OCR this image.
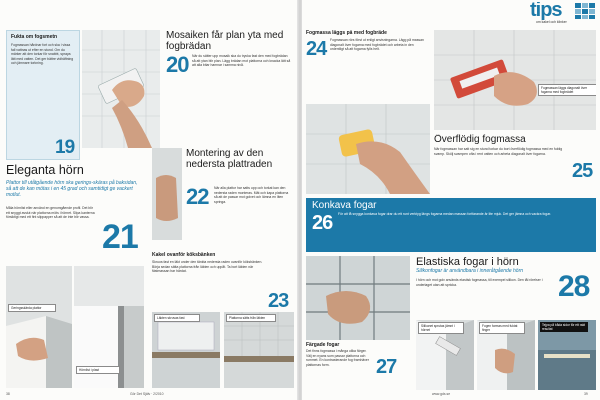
Fukta om fogsmetn
Fogmassan hårdnar fort och ska i vissa fall vattnas ut efter en stund. Om du märker att den torkar för snabbt, spraya lätt med vatten. Det ger bättre vidhäftning och jämnare torkning.
19
Mosaiken får plan yta med fogbrädan
20 När du sätter upp mosaik ska du trycka fast den med fogbrädan så att ytan blir plan. Lägg brädan mot plattorna och knacka lätt så att alla bitar hamnar i samma nivå.
Eleganta hörn
Plattor till utåtgående hörn ska gerings-skäras på baksidan, så att de kan mötas i en 45 grad och samtidigt ge vackert motlut.
Måla hörnlist eller använd en genomgående profil. Det blir ett snyggt avslut när plattorna möts i hörnet. Slipa kanterna försiktigt med ett fint slippapper så att de inte blir vassa.
21
Geringsskärda plattor
Hörnlist i plast
Montering av den nedersta plattraden
22 När alla plattor har satts upp och torkat kan den nedersta raden monteras. Mät och kapa plattorna så att de passar mot golvet och lämna en liten springa.
Kakel ovanför köksbänken
Skruva fast en läkt under den tänkta nedersta raden ovanför köksbänken. Börja sedan sätta plattorna från läkten och uppåt. Ta bort läkten när fästmassan har härdat.
23
Läkten skruvas fast	Plattorna sätts från läkten
38	Gör Det Själv · 2/2010
tips
om kakel och klinker
Fogmassa läggs på med fogbräde
24 Fogmassan rörs först ut enligt anvisningarna. Lägg på massan diagonalt över fogarna med fogbrädet och arbeta in den ordentligt så att fogarna fylls helt.
Fogmassan läggs diagonalt över fogarna med fogbrädet
Överflödig fogmassa
När fogmassan har satt sig en stund torkar du bort överflödig fogmassa med en fuktig svamp. Skölj svampen ofta i rent vatten och arbeta diagonalt över fogarna.
25
Konkava fogar
26 För att få snygga konkava fogar drar du ett runt verktyg längs fogarna medan massan fortfarande är lite mjuk. Det ger jämna och vackra fogar.
Färgade fogar
Det finns fogmassa i många olika färger. Välj en nyans som passar plattorna och rummet. En kontrasterande fog framhäver plattornas form.	27
Elastiska fogar i hörn
Silikonfogar är användbara i inneråtgående hörn
I hörn och mot golv används elastisk fogmassa, till exempel silikon. Den tål rörelser i underlaget utan att spricka.	28
Silikonet sprutas jämnt i hörnet
Fogen formas med fuktat finger
Tejpa på båda sidor för ett rakt resultat
www.gds.se	39
